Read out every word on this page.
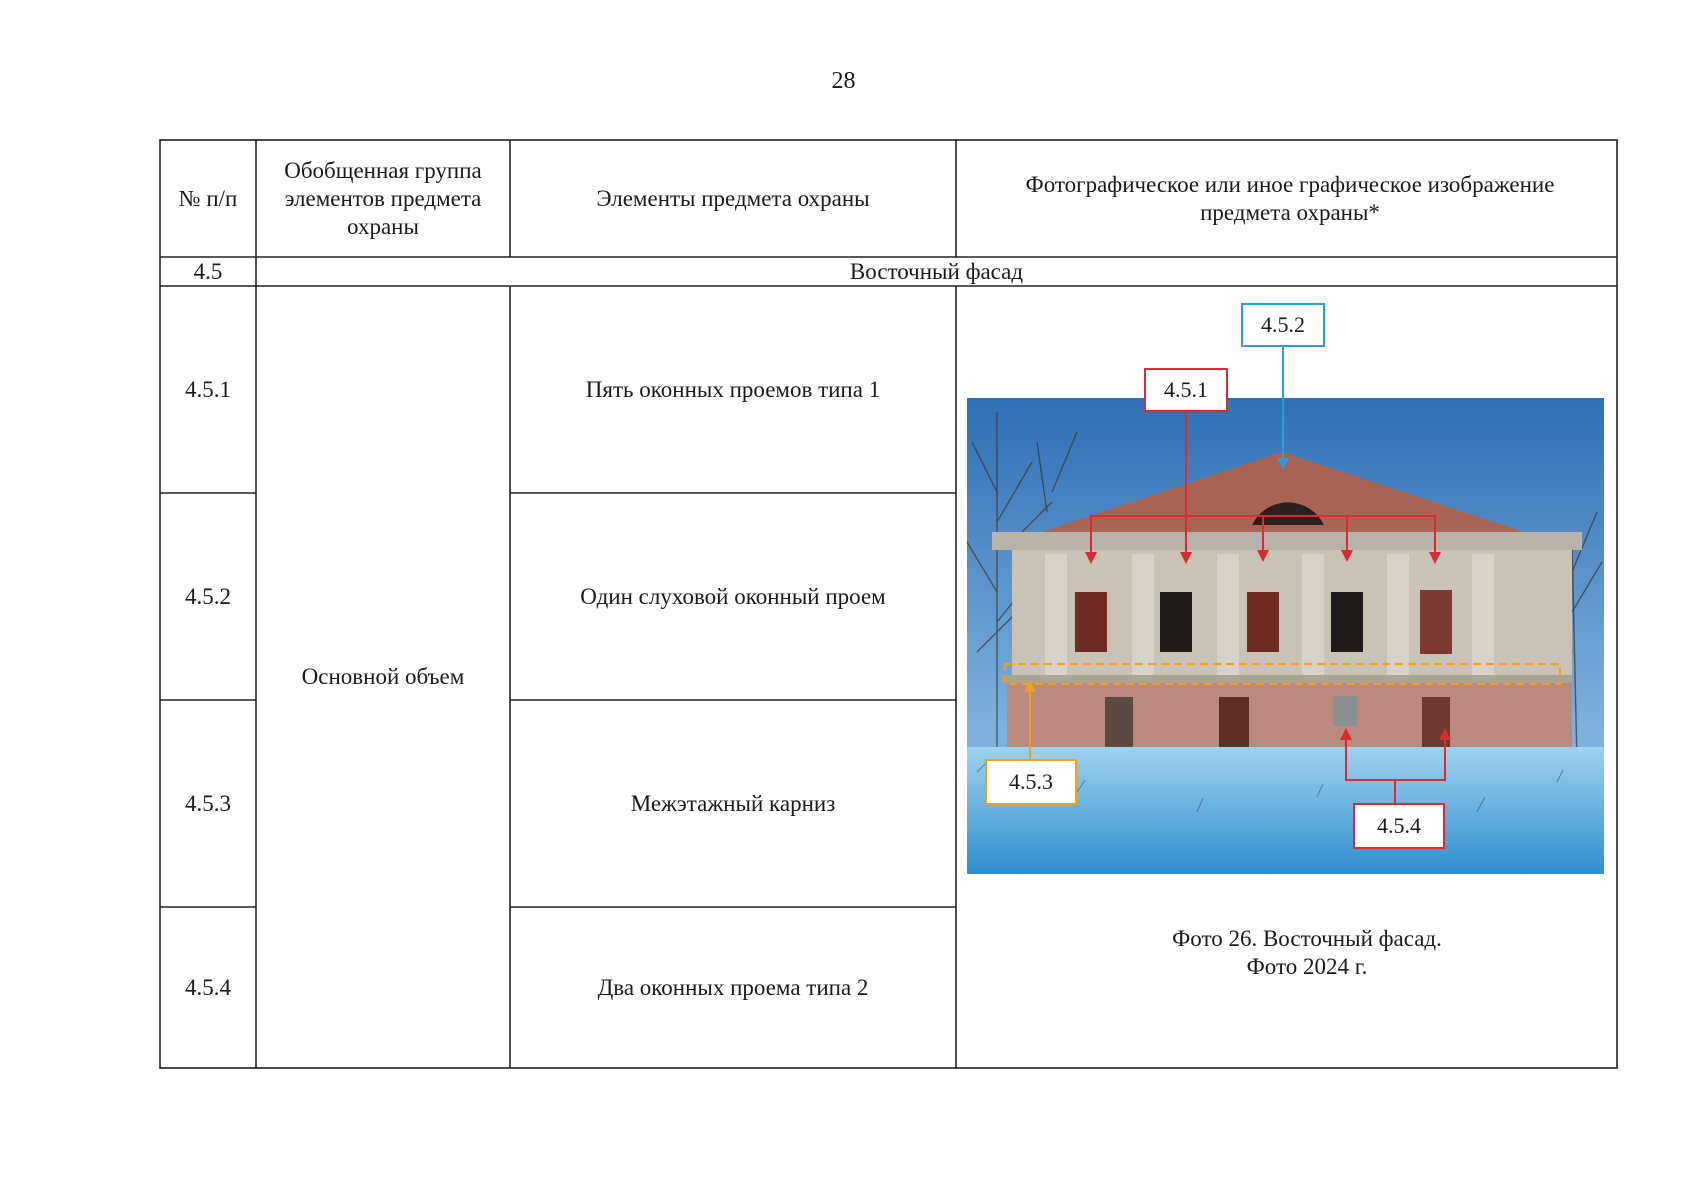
28
№ п/п
Обобщенная группа элементов предмета охраны
Элементы предмета охраны
Фотографическое или иное графическое изображение предмета охраны*
4.5	Восточный фасад
4.5.1
4.5.2
4.5.3
4.5.4
Основной объем
Пять оконных проемов типа 1
Один слуховой оконный проем
Межэтажный карниз
Два оконных проема типа 2
4.5.2
4.5.1
4.5.3
4.5.4
Фото 26. Восточный фасад.
Фото 2024 г.
